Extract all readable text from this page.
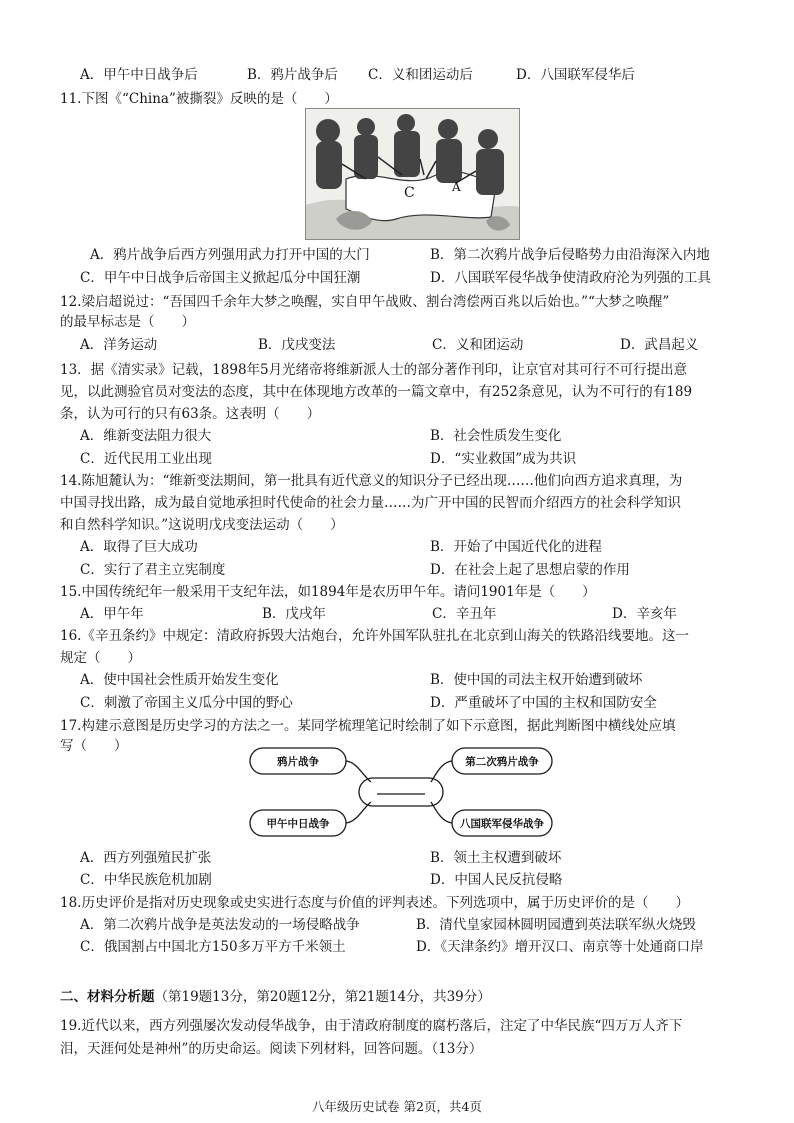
A．甲午中日战争后	B．鸦片战争后 C．义和团运动后	D．八国联军侵华后
11.下图《“China”被撕裂》反映的是（　　）
C	A
A．鸦片战争后西方列强用武力打开中国的大门	B．第二次鸦片战争后侵略势力由沿海深入内地
C．甲午中日战争后帝国主义掀起瓜分中国狂潮	D．八国联军侵华战争使清政府沦为列强的工具
12.梁启超说过：“吾国四千余年大梦之唤醒，实自甲午战败、割台湾偿两百兆以后始也。”“大梦之唤醒”
的最早标志是（　　）
A．洋务运动	B．戊戌变法	C．义和团运动	D．武昌起义
13．据《清实录》记载，1898年5月光绪帝将维新派人士的部分著作刊印，让京官对其可行不可行提出意
见，以此测验官员对变法的态度，其中在体现地方改革的一篇文章中，有252条意见，认为不可行的有189
条，认为可行的只有63条。这表明（　　）
A．维新变法阻力很大	B．社会性质发生变化
C．近代民用工业出现	D．“实业救国”成为共识
14.陈旭麓认为：“维新变法期间，第一批具有近代意义的知识分子已经出现……他们向西方追求真理，为
中国寻找出路，成为最自觉地承担时代使命的社会力量……为广开中国的民智而介绍西方的社会科学知识
和自然科学知识。”这说明戊戌变法运动（　　）
A．取得了巨大成功	B．开始了中国近代化的进程
C．实行了君主立宪制度	D．在社会上起了思想启蒙的作用
15.中国传统纪年一般采用干支纪年法，如1894年是农历甲午年。请问1901年是（　　）
A．甲午年	B．戊戌年	C．辛丑年	D．辛亥年
16.《辛丑条约》中规定：清政府拆毁大沽炮台，允许外国军队驻扎在北京到山海关的铁路沿线要地。这一
规定（　　）
A．使中国社会性质开始发生变化	B．使中国的司法主权开始遭到破坏
C．刺激了帝国主义瓜分中国的野心	D．严重破坏了中国的主权和国防安全
17.构建示意图是历史学习的方法之一。某同学梳理笔记时绘制了如下示意图，据此判断图中横线处应填
写（　　）
鸦片战争	第二次鸦片战争
甲午中日战争	八国联军侵华战争
A．西方列强殖民扩张	B．领土主权遭到破坏
C．中华民族危机加剧	D．中国人民反抗侵略
18.历史评价是指对历史现象或史实进行态度与价值的评判表述。下列选项中，属于历史评价的是（　　）
A．第二次鸦片战争是英法发动的一场侵略战争	B．清代皇家园林圆明园遭到英法联军纵火烧毁
C．俄国割占中国北方150多万平方千米领土	D．《天津条约》增开汉口、南京等十处通商口岸
二、材料分析题（第19题13分，第20题12分，第21题14分，共39分）
19.近代以来，西方列强屡次发动侵华战争，由于清政府制度的腐朽落后，注定了中华民族“四万万人齐下
泪，天涯何处是神州”的历史命运。阅读下列材料，回答问题。（13分）
八年级历史试卷 第2页，共4页
